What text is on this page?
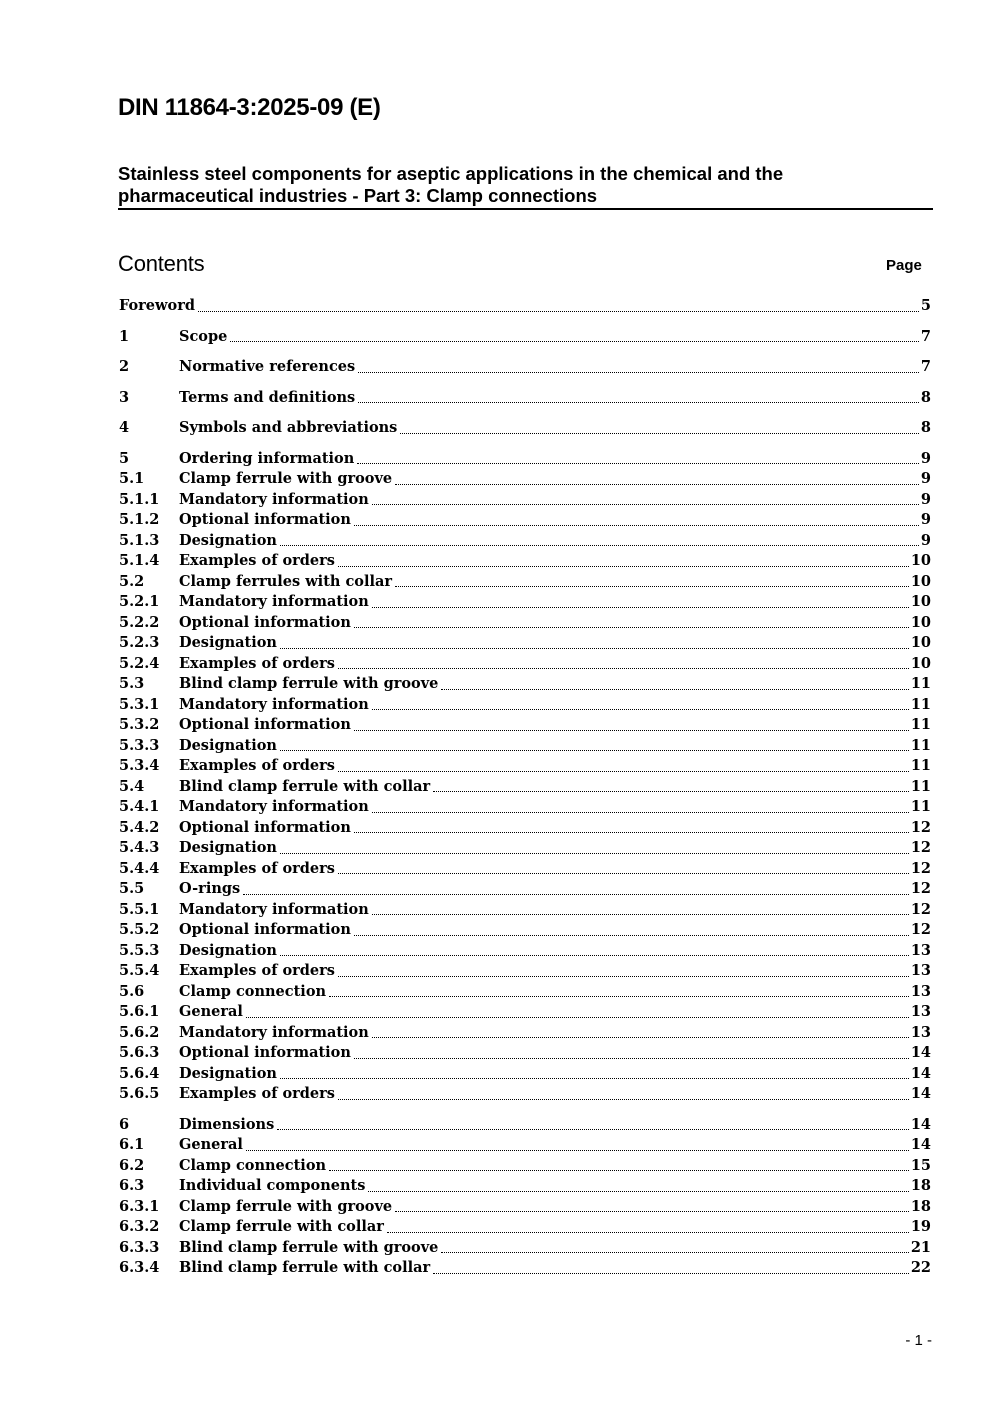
DIN 11864-3:2025-09 (E)
Stainless steel components for aseptic applications in the chemical and the
pharmaceutical industries - Part 3: Clamp connections
Contents	Page
Foreword	5
1	Scope	7
2	Normative references	7
3	Terms and definitions	8
4	Symbols and abbreviations	8
5	Ordering information	9
5.1 Clamp ferrule with groove	9
5.1.1 Mandatory information	9
5.1.2 Optional information	9
5.1.3 Designation	9
5.1.4 Examples of orders	10
5.2 Clamp ferrules with collar	10
5.2.1 Mandatory information	10
5.2.2 Optional information	10
5.2.3 Designation	10
5.2.4 Examples of orders	10
5.3 Blind clamp ferrule with groove	11
5.3.1 Mandatory information	11
5.3.2 Optional information	11
5.3.3 Designation	11
5.3.4 Examples of orders	11
5.4 Blind clamp ferrule with collar	11
5.4.1 Mandatory information	11
5.4.2 Optional information	12
5.4.3 Designation	12
5.4.4 Examples of orders	12
5.5 O-rings	12
5.5.1 Mandatory information	12
5.5.2 Optional information	12
5.5.3 Designation	13
5.5.4 Examples of orders	13
5.6 Clamp connection	13
5.6.1 General	13
5.6.2 Mandatory information	13
5.6.3 Optional information	14
5.6.4 Designation	14
5.6.5 Examples of orders	14
6	Dimensions	14
6.1 General	14
6.2 Clamp connection	15
6.3 Individual components	18
6.3.1 Clamp ferrule with groove	18
6.3.2 Clamp ferrule with collar	19
6.3.3 Blind clamp ferrule with groove	21
6.3.4 Blind clamp ferrule with collar	22
- 1 -
